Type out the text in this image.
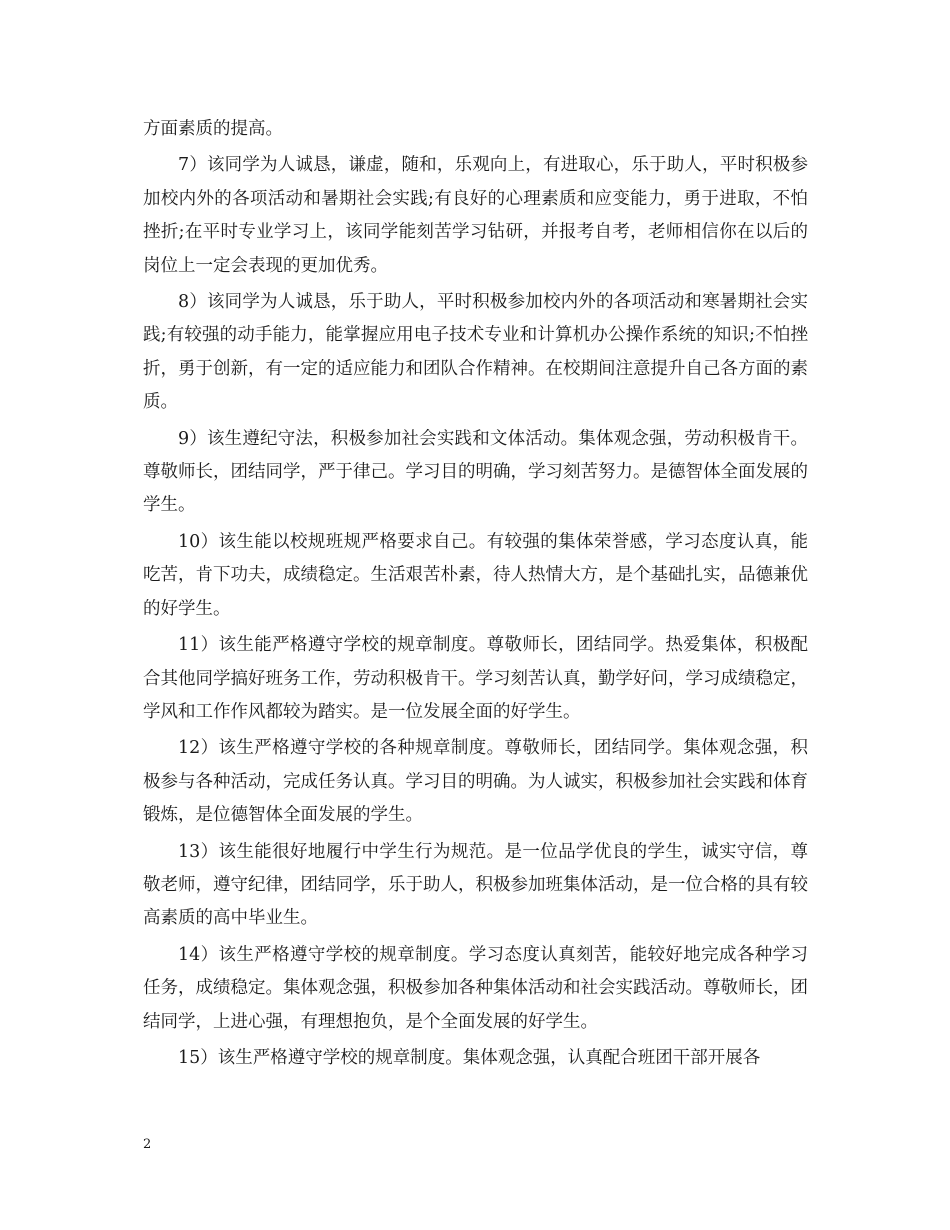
方面素质的提高。

7）该同学为人诚恳，谦虚，随和，乐观向上，有进取心，乐于助人，平时积极参加校内外的各项活动和暑期社会实践;有良好的心理素质和应变能力，勇于进取，不怕挫折;在平时专业学习上，该同学能刻苦学习钻研，并报考自考，老师相信你在以后的岗位上一定会表现的更加优秀。

8）该同学为人诚恳，乐于助人，平时积极参加校内外的各项活动和寒暑期社会实践;有较强的动手能力，能掌握应用电子技术专业和计算机办公操作系统的知识;不怕挫折，勇于创新，有一定的适应能力和团队合作精神。在校期间注意提升自己各方面的素质。

9）该生遵纪守法，积极参加社会实践和文体活动。集体观念强，劳动积极肯干。尊敬师长，团结同学，严于律己。学习目的明确，学习刻苦努力。是德智体全面发展的学生。

10）该生能以校规班规严格要求自己。有较强的集体荣誉感，学习态度认真，能吃苦，肯下功夫，成绩稳定。生活艰苦朴素，待人热情大方，是个基础扎实，品德兼优的好学生。

11）该生能严格遵守学校的规章制度。尊敬师长，团结同学。热爱集体，积极配合其他同学搞好班务工作，劳动积极肯干。学习刻苦认真，勤学好问，学习成绩稳定，学风和工作作风都较为踏实。是一位发展全面的好学生。

12）该生严格遵守学校的各种规章制度。尊敬师长，团结同学。集体观念强，积极参与各种活动，完成任务认真。学习目的明确。为人诚实，积极参加社会实践和体育锻炼，是位德智体全面发展的学生。

13）该生能很好地履行中学生行为规范。是一位品学优良的学生，诚实守信，尊敬老师，遵守纪律，团结同学，乐于助人，积极参加班集体活动，是一位合格的具有较高素质的高中毕业生。

14）该生严格遵守学校的规章制度。学习态度认真刻苦，能较好地完成各种学习任务，成绩稳定。集体观念强，积极参加各种集体活动和社会实践活动。尊敬师长，团结同学，上进心强，有理想抱负，是个全面发展的好学生。

15）该生严格遵守学校的规章制度。集体观念强，认真配合班团干部开展各

2
